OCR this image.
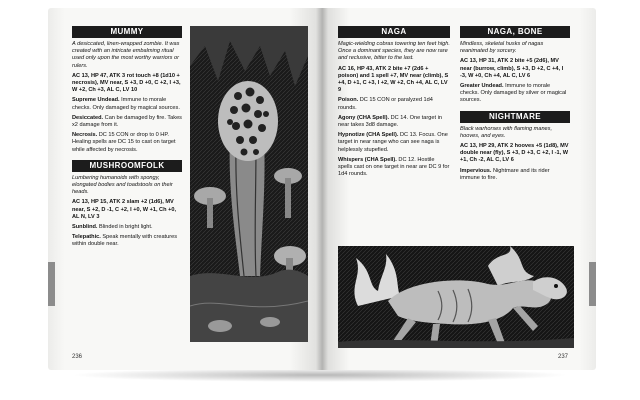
MUMMY
A desiccated, linen-wrapped zombie. It was created with an intricate embalming ritual used only upon the most worthy warriors or rulers.
AC 13, HP 47, ATK 3 rot touch +8 (1d10 + necrosis), MV near, S +3, D +0, C +2, I +3, W +2, Ch +3, AL C, LV 10
Supreme Undead. Immune to morale checks. Only damaged by magical sources.
Desiccated. Can be damaged by fire. Takes x2 damage from it.
Necrosis. DC 15 CON or drop to 0 HP. Healing spells are DC 15 to cast on target while affected by necrosis.
MUSHROOMFOLK
Lumbering humanoids with spongy, elongated bodies and toadstools on their heads.
AC 13, HP 15, ATK 2 slam +2 (1d6), MV near, S +2, D -1, C +2, I +0, W +1, Ch +0, AL N, LV 3
Sunblind. Blinded in bright light.
Telepathic. Speak mentally with creatures within double near.
236
NAGA
Magic-wielding cobras towering ten feet high. Once a dominant species, they are now rare and reclusive, bitter to the last.
AC 16, HP 43, ATK 2 bite +7 (2d6 + poison) and 1 spell +7, MV near (climb), S +4, D +1, C +3, I +2, W +2, Ch +4, AL C, LV 9
Poison. DC 15 CON or paralyzed 1d4 rounds.
Agony (CHA Spell). DC 14. One target in near takes 3d8 damage.
Hypnotize (CHA Spell). DC 13. Focus. One target in near range who can see naga is helplessly stupefied.
Whispers (CHA Spell). DC 12. Hostile spells cast on one target in near are DC 9 for 1d4 rounds.
NAGA, BONE
Mindless, skeletal husks of nagas reanimated by sorcery.
AC 13, HP 31, ATK 2 bite +5 (2d6), MV near (burrow, climb), S +3, D +2, C +4, I -3, W +0, Ch +4, AL C, LV 6
Greater Undead. Immune to morale checks. Only damaged by silver or magical sources.
NIGHTMARE
Black warhorses with flaming manes, hooves, and eyes.
AC 13, HP 29, ATK 2 hooves +5 (1d8), MV double near (fly), S +3, D +3, C +2, I -1, W +1, Ch -2, AL C, LV 6
Impervious. Nightmare and its rider immune to fire.
237
